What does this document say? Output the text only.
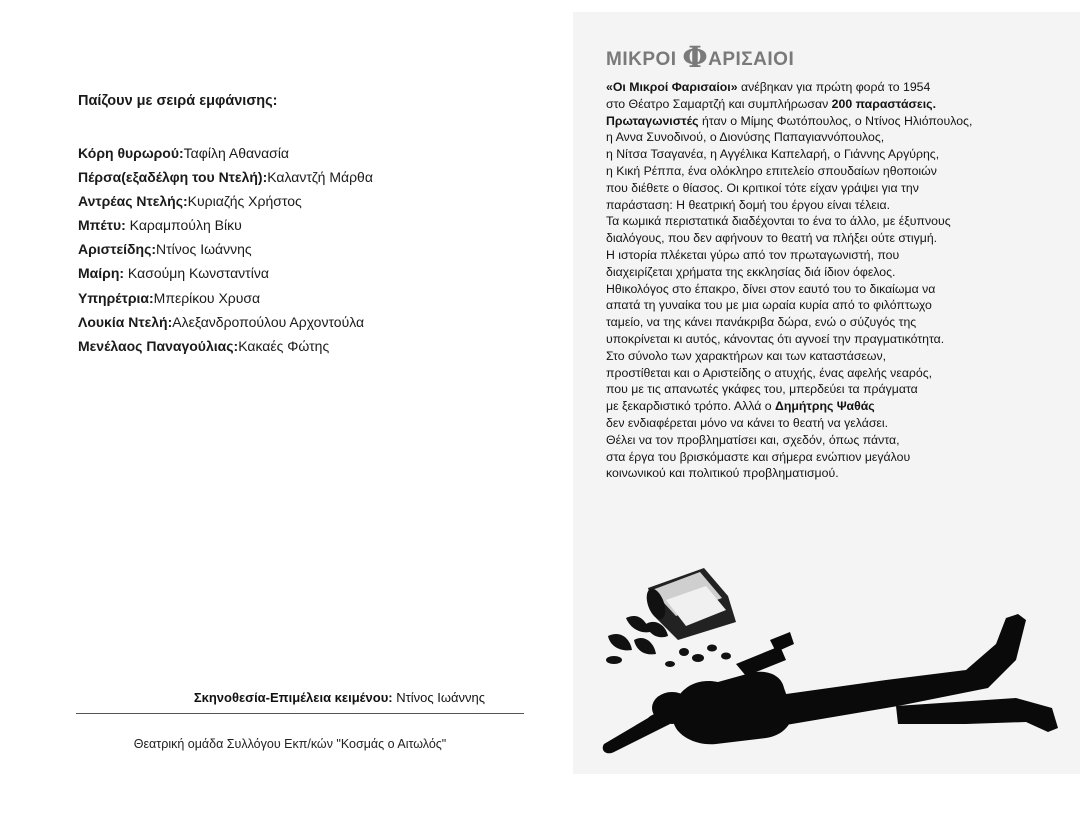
Παίζουν με σειρά εμφάνισης:
Κόρη θυρωρού:Ταφίλη Αθανασία
Πέρσα(εξαδέλφη του Ντελή):Καλαντζή Μάρθα
Αντρέας Ντελής:Κυριαζής Χρήστος
Μπέτυ: Καραμπούλη Βίκυ
Αριστείδης:Ντίνος Ιωάννης
Μαίρη: Κασούμη Κωνσταντίνα
Υπηρέτρια:Μπερίκου Χρυσα
Λουκία Ντελή:Αλεξανδροπούλου Αρχοντούλα
Μενέλαος Παναγούλιας:Κακαές Φώτης
Σκηνοθεσία-Επιμέλεια κειμένου: Ντίνος Ιωάννης
Θεατρική ομάδα Συλλόγου Εκπ/κών "Κοσμάς ο Αιτωλός"
ΜΙΚΡΟΙ ΦΑΡΙΣΑΙΟΙ
«Οι Μικροί Φαρισαίοι» ανέβηκαν για πρώτη φορά το 1954
στο Θέατρο Σαμαρτζή και συμπλήρωσαν 200 παραστάσεις.
Πρωταγωνιστές ήταν ο Μίμης Φωτόπουλος, ο Ντίνος Ηλιόπουλος,
η Αννα Συνοδινού, ο Διονύσης Παπαγιαννόπουλος,
η Νίτσα Τσαγανέα, η Αγγέλικα Καπελαρή, ο Γιάννης Αργύρης,
η Κική Ρέππα, ένα ολόκληρο επιτελείο σπουδαίων ηθοποιών
που διέθετε ο θίασος. Οι κριτικοί τότε είχαν γράψει για την
παράσταση: Η θεατρική δομή του έργου είναι τέλεια.
Τα κωμικά περιστατικά διαδέχονται το ένα το άλλο, με έξυπνους
διαλόγους, που δεν αφήνουν το θεατή να πλήξει ούτε στιγμή.
Η ιστορία πλέκεται γύρω από τον πρωταγωνιστή, που
διαχειρίζεται χρήματα της εκκλησίας διά ίδιον όφελος.
Ηθικολόγος στο έπακρο, δίνει στον εαυτό του το δικαίωμα να
απατά τη γυναίκα του με μια ωραία κυρία από το φιλόπτωχο
ταμείο, να της κάνει πανάκριβα δώρα, ενώ ο σύζυγός της
υποκρίνεται κι αυτός, κάνοντας ότι αγνοεί την πραγματικότητα.
Στο σύνολο των χαρακτήρων και των καταστάσεων,
προστίθεται και ο Αριστείδης ο ατυχής, ένας αφελής νεαρός,
που με τις απανωτές γκάφες του, μπερδεύει τα πράγματα
με ξεκαρδιστικό τρόπο. Αλλά ο Δημήτρης Ψαθάς
δεν ενδιαφέρεται μόνο να κάνει το θεατή να γελάσει.
Θέλει να τον προβληματίσει και, σχεδόν, όπως πάντα,
στα έργα του βρισκόμαστε και σήμερα ενώπιον μεγάλου
κοινωνικού και πολιτικού προβληματισμού.
